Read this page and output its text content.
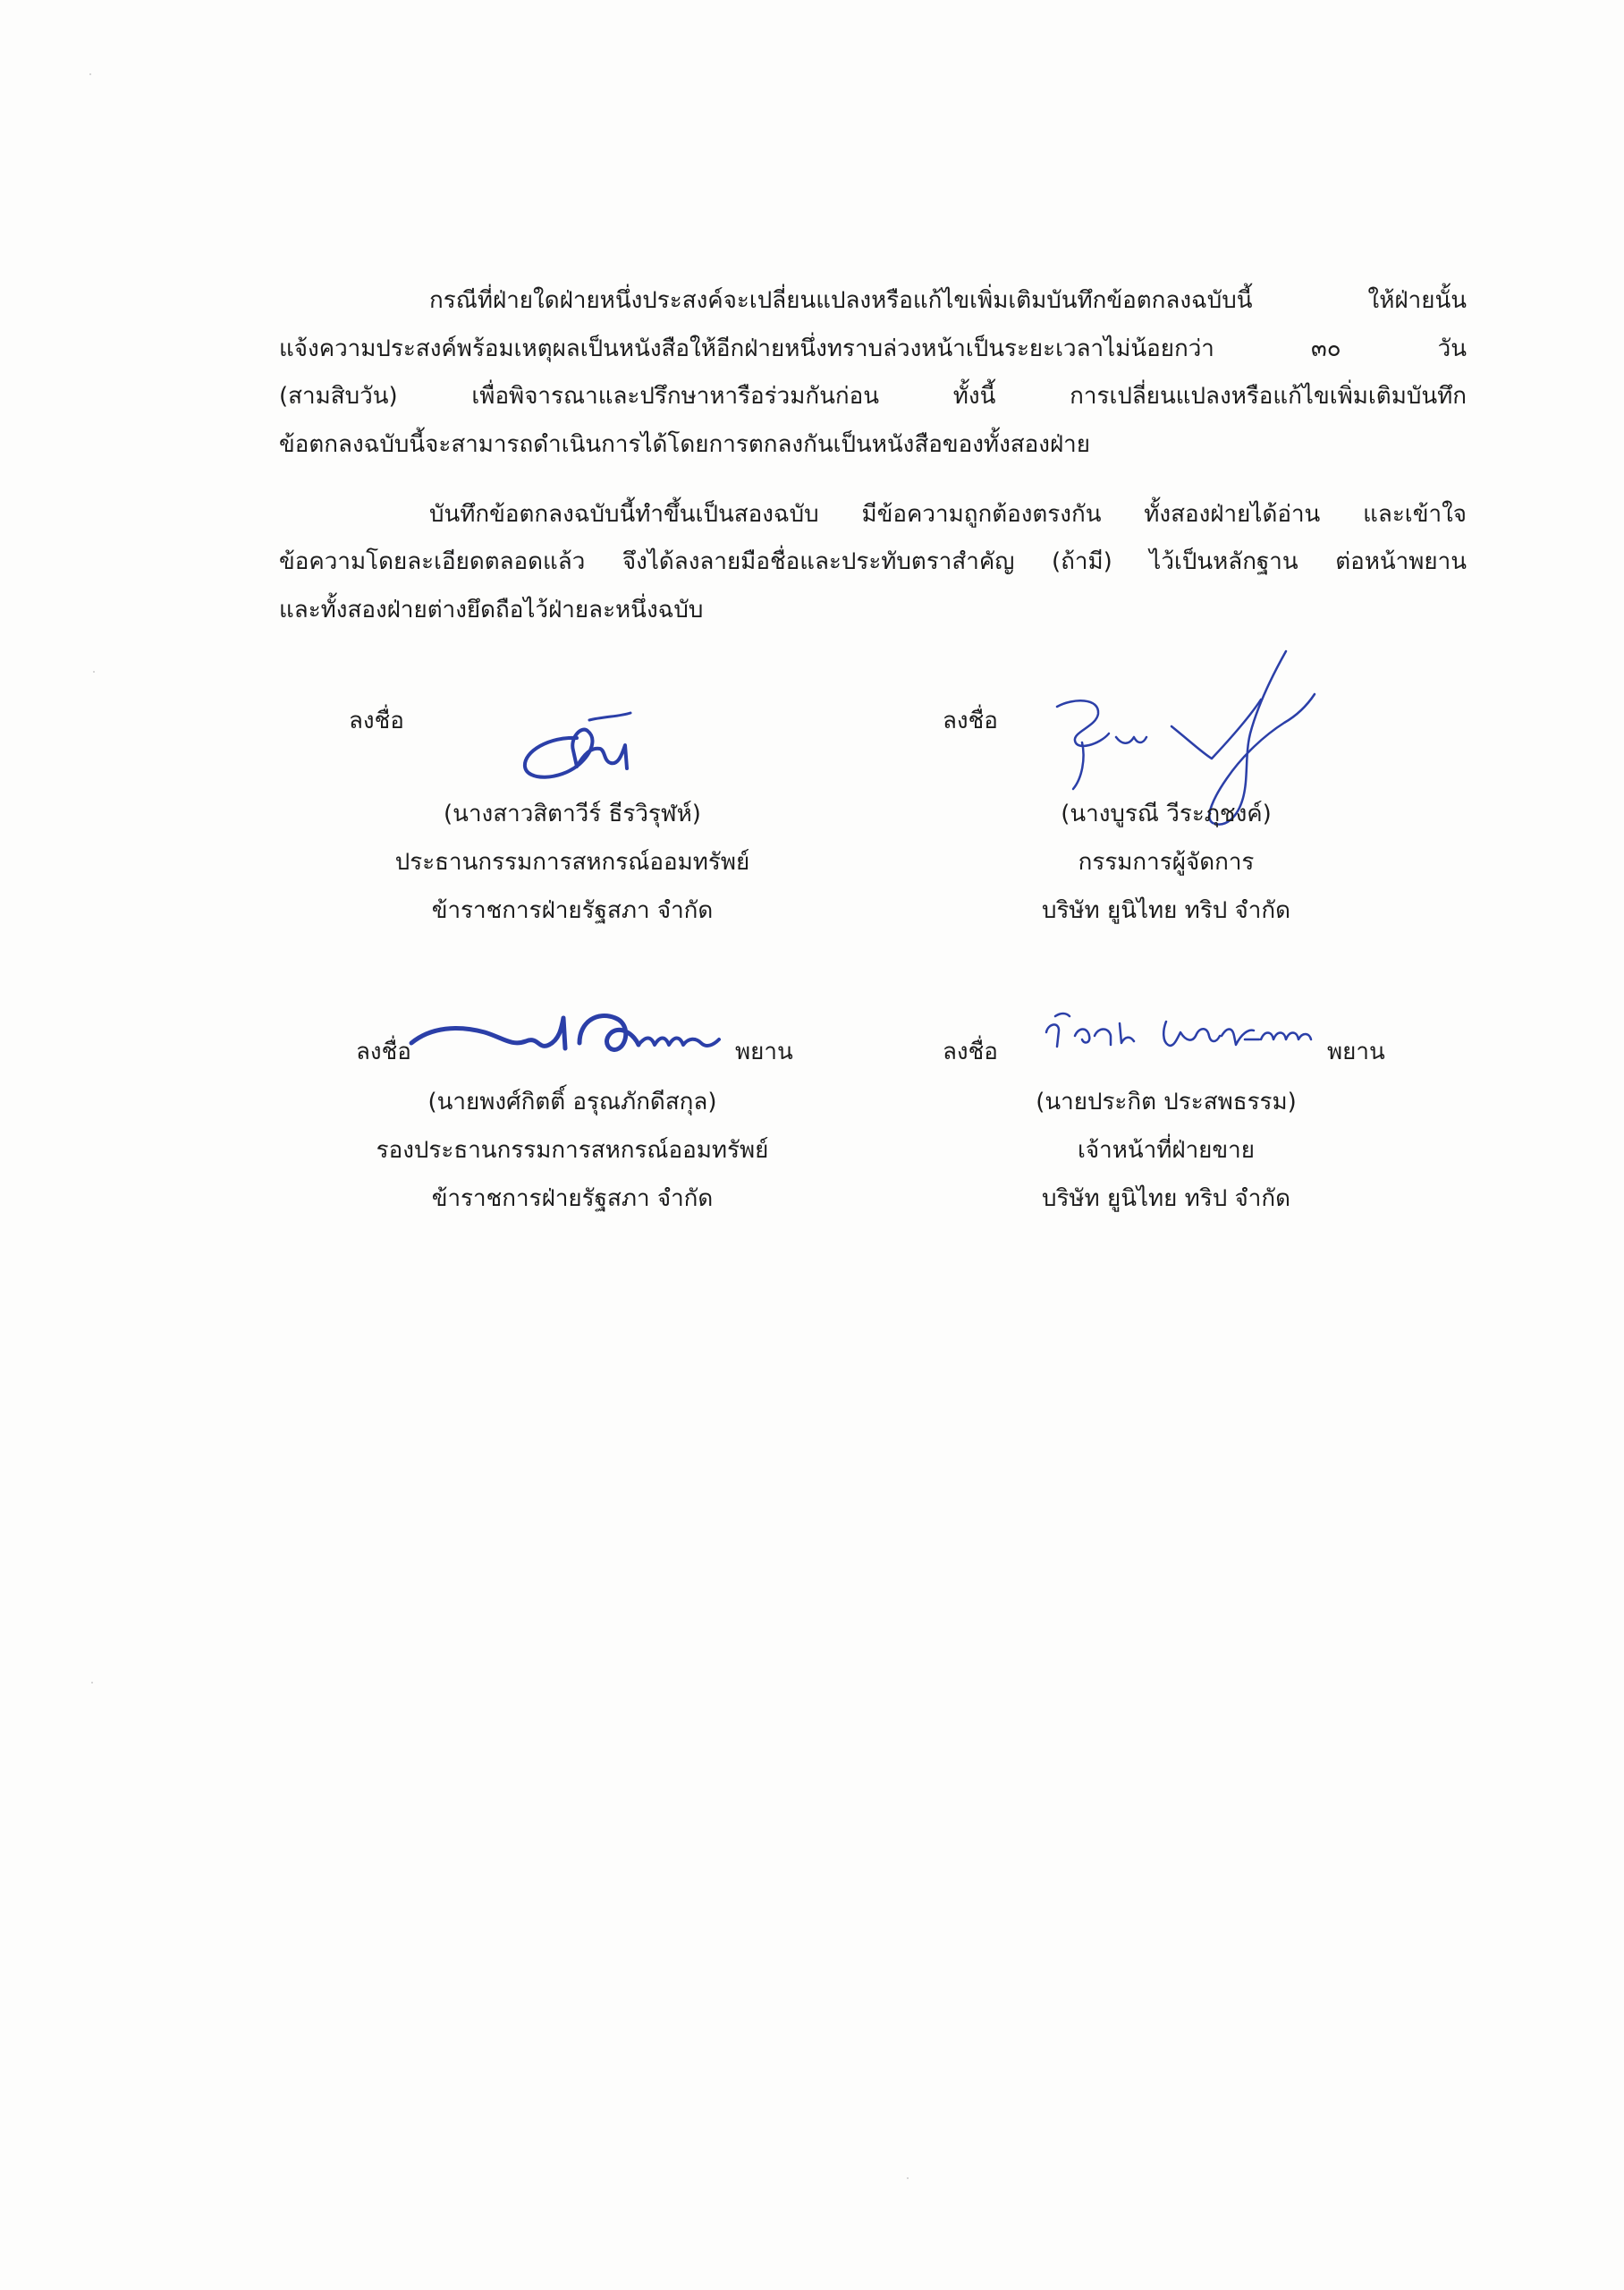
กรณีที่ฝ่ายใดฝ่ายหนึ่งประสงค์จะเปลี่ยนแปลงหรือแก้ไขเพิ่มเติมบันทึกข้อตกลงฉบับนี้ ให้ฝ่ายนั้น
แจ้งความประสงค์พร้อมเหตุผลเป็นหนังสือให้อีกฝ่ายหนึ่งทราบล่วงหน้าเป็นระยะเวลาไม่น้อยกว่า ๓๐ วัน
(สามสิบวัน) เพื่อพิจารณาและปรึกษาหารือร่วมกันก่อน ทั้งนี้ การเปลี่ยนแปลงหรือแก้ไขเพิ่มเติมบันทึก
ข้อตกลงฉบับนี้จะสามารถดำเนินการได้โดยการตกลงกันเป็นหนังสือของทั้งสองฝ่าย
บันทึกข้อตกลงฉบับนี้ทำขึ้นเป็นสองฉบับ มีข้อความถูกต้องตรงกัน ทั้งสองฝ่ายได้อ่าน และเข้าใจ
ข้อความโดยละเอียดตลอดแล้ว จึงได้ลงลายมือชื่อและประทับตราสำคัญ (ถ้ามี) ไว้เป็นหลักฐาน ต่อหน้าพยาน
และทั้งสองฝ่ายต่างยึดถือไว้ฝ่ายละหนึ่งฉบับ
ลงชื่อ
(นางสาวสิตาวีร์ ธีรวิรุฬห์)
ประธานกรรมการสหกรณ์ออมทรัพย์
ข้าราชการฝ่ายรัฐสภา จำกัด
ลงชื่อ
(นางบูรณี วีระภุชงค์)
กรรมการผู้จัดการ
บริษัท ยูนิไทย ทริป จำกัด
ลงชื่อ	พยาน
(นายพงศ์กิตติ์ อรุณภักดีสกุล)
รองประธานกรรมการสหกรณ์ออมทรัพย์
ข้าราชการฝ่ายรัฐสภา จำกัด
ลงชื่อ	พยาน
(นายประกิต ประสพธรรม)
เจ้าหน้าที่ฝ่ายขาย
บริษัท ยูนิไทย ทริป จำกัด
